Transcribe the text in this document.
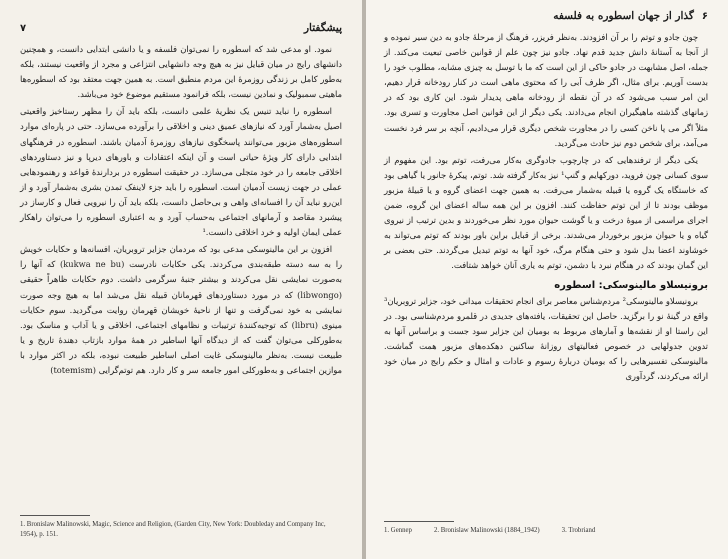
پیشگفتار
۷

نمود. او مدعی شد که اسطوره را نمی‌توان فلسفه و یا دانشی ابتدایی دانست، و همچنین دانشهای رایج در میان قبایل نیز به هیچ وجه دانشهایی انتزاعی و مجرد از واقعیت نیستند، بلکه به‌طور کامل بر زندگی روزمرهٔ این مردم منطبق است. به همین جهت معتقد بود که اسطوره‌ها ماهیتی سمبولیک و نمادین نیست، بلکه فرانمود مستقیم موضوع خود می‌باشد.

اسطوره را نباید تنیس یک نظریهٔ علمی دانست، بلکه باید آن را مظهر رستاخیز واقعیتی اصیل به‌شمار آورد که نیازهای عمیق دینی و اخلاقی را برآورده می‌سازد. حتی در پاره‌ای موارد اسطوره‌های مزبور می‌توانند پاسخگوی نیازهای روزمرهٔ آدمیان باشند. اسطوره در فرهنگهای ابتدایی دارای کار ویژهٔ حیاتی است و آن اینکه اعتقادات و باورهای دیرپا و نیز دستاوردهای اخلاقی جامعه را در خود متجلی می‌سازد. در حقیقت اسطوره در بردارندهٔ قواعد و رهنمودهایی عملی در جهت زیست آدمیان است. اسطوره را باید جزء لاینفک تمدن بشری به‌شمار آورد و از این‌رو نباید آن را افسانه‌ای واهی و بی‌حاصل دانست، بلکه باید آن را نیرویی فعال و کارساز در پیشبرد مقاصد و آرمانهای اجتماعی به‌حساب آورد و به اعتباری اسطوره را می‌توان راهکار عملی ایمان اولیه و خرد اخلاقی دانست.¹

افزون بر این مالینوسکی مدعی بود که مردمان جزایر تروبریان، افسانه‌ها و حکایات خویش را به سه دسته طبقه‌بندی می‌کردند. یکی حکایات نادرست (kukwa ne bu) که آنها را به‌صورت نمایشی نقل می‌کردند و بیشتر جنبهٔ سرگرمی داشت. دوم حکایات ظاهراً حقیقی (libwongo) که در مورد دستاوردهای قهرمانان قبیله نقل می‌شد اما به هیچ وجه صورت نمایشی به خود نمی‌گرفت و تنها از ناحیهٔ خویشان قهرمان روایت می‌گردید. سوم حکایات مینوی (libru) که توجیه‌کنندهٔ ترتیبات و نظامهای اجتماعی، اخلاقی و یا آداب و مناسک بود. به‌طورکلی می‌توان گفت که از دیدگاه آنها اساطیر در همهٔ موارد بازتاب دهندهٔ تاریخ و یا طبیعت نیست. به‌نظر مالینوسکی غایت اصلی اساطیر طبیعت نبوده، بلکه در اکثر موارد با موازین اجتماعی و به‌طورکلی امور جامعه سر و کار دارد. هم توتم‌گرایی (totemism)

1. Bronislaw Malinowski, Magic, Science and Religion, (Garden City, New York: Doubleday and Company Inc, 1954), p. 151.
۶
گذار از جهان اسطوره به فلسفه

چون جادو و توتم را بر آن افزودند. به‌نظر فریزر، فرهنگ از مرحلهٔ جادو به دین سیر نموده و از آنجا به آستانهٔ دانش جدید قدم نهاد. جادو نیز چون علم از قوانین خاصی تبعیت می‌کند. از جمله، اصل مشابهت در جادو حاکی از این است که ما با توسل به چیزی مشابه، مطلوب خود را بدست آوریم. برای مثال، اگر ظرف آبی را که محتوی ماهی است در کنار رودخانه قرار دهیم، این امر سبب می‌شود که در آن نقطه از رودخانه ماهی پدیدار شود. این کاری بود که در زمانهای گذشته ماهیگیران انجام می‌دادند. یکی دیگر از این قوانین اصل مجاورت و تسری بود. مثلاً اگر می پا ناخن کسی را در مجاورت شخص دیگری قرار می‌دادیم، آنچه بر سر فرد نخست می‌آمد، برای شخص دوم نیز حادث می‌گردید.

یکی دیگر از ترفندهایی که در چارچوب جادوگری به‌کار می‌رفت، توتم بود. این مفهوم از سوی کسانی چون فروید، دورکهایم و گنپ¹ نیز به‌کار گرفته شد. توتم، پیکرهٔ جانور یا گیاهی بود که خاستگاه یک گروه یا قبیله به‌شمار می‌رفت. به همین جهت اعضای گروه و یا قبیلهٔ مزبور موظف بودند تا از این توتم حفاظت کنند. افزون بر این همه ساله اعضای این گروه، ضمن اجرای مراسمی از میوهٔ درخت و یا گوشت حیوان مورد نظر می‌خوردند و بدین ترتیب از نیروی گیاه و یا حیوان مزبور برخوردار می‌شدند. برخی از قبایل براین باور بودند که توتم می‌تواند به خوشاوند اعضا بدل شود و حتی هنگام مرگ، خود آنها به توتم تبدیل می‌گردند. حتی بعضی بر این گمان بودند که در هنگام نبرد با دشمن، توتم به یاری آنان خواهد شتافت.

برونیسلاو مالینوسکی: اسطوره

برونیسلاو مالینوسکی² مردم‌شناس معاصر برای انجام تحقیقات میدانی خود، جزایر تروبریان³ واقع در گینهٔ نو را برگزید. حاصل این تحقیقات، یافته‌های جدیدی در قلمرو مردم‌شناسی بود. در این راستا او از نقشه‌ها و آمارهای مربوط به بومیان این جزایر سود جست و براساس آنها به تدوین جدولهایی در خصوص فعالیتهای روزانهٔ ساکنین دهکده‌های مزبور همت گماشت. مالینوسکی تفسیرهایی را که بومیان دربارهٔ رسوم و عادات و امثال و حکم رایج در میان خود ارائه می‌کردند، گردآوری

1. Gennep	2. Bronislaw Malinowski (1884_1942)	3. Trobriand
